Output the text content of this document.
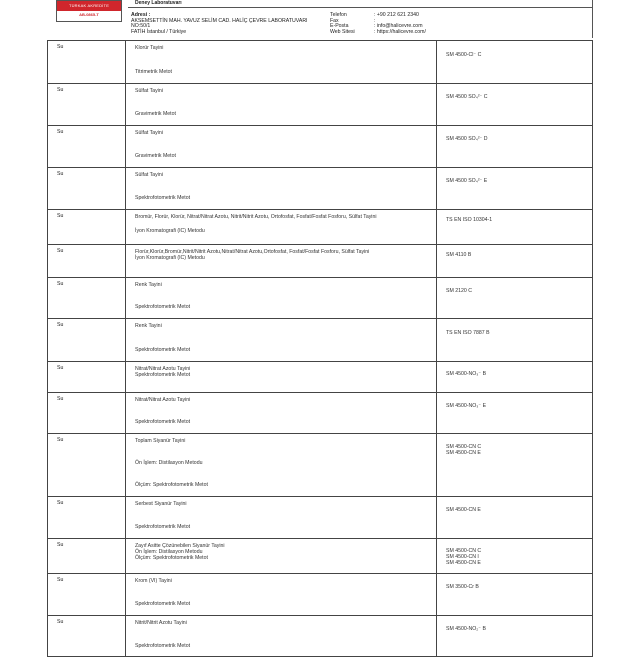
TÜRKAK AKREDİTE
AB-0865-T
Deney Laboratuvarı
Adresi :
AKSEMSETTİN MAH. YAVUZ SELİM CAD. HALİÇ ÇEVRE LABORATUVARI NO:50/1
FATİH İstanbul / Türkiye
Telefon	: +90 212 621 2340
Fax	:
E-Posta	: info@halicevre.com
Web Sitesi	: https://halicevre.com/
Su	Klorür Tayini
Titrimetrik Metot
SM 4500-Cl⁻ C
Su	Sülfat Tayini
Gravimetrik Metot
SM 4500 SO₄²⁻ C
Su	Sülfat Tayini
Gravimetrik Metot
SM 4500 SO₄²⁻ D
Su	Sülfat Tayini
Spektrofotometrik Metot
SM 4500 SO₄²⁻ E
Su	Bromür, Florür, Klorür, Nitrat/Nitrat Azotu, Nitrit/Nitrit Azotu, Ortofosfat, Fosfat/Fosfat Fosforu, Sülfat Tayini
İyon Kromatografi (IC) Metodu
TS EN ISO 10304-1
Su	Florür,Klorür,Bromür,Nitrit/Nitrit Azotu,Nitrat/Nitrat Azotu,Ortofosfat, Fosfat/Fosfat Fosforu, Sülfat Tayini
İyon Kromatografi (IC) Metodu	SM 4110 B
Su	Renk Tayini
Spektrofotometrik Metot
SM 2120 C
Su	Renk Tayini
Spektrofotometrik Metot
TS EN ISO 7887 B
Su	Nitrat/Nitrat Azotu Tayini
Spektrofotometrik Metot	SM 4500-NO₃⁻ B
Su	Nitrat/Nitrat Azotu Tayini
Spektrofotometrik Metot
SM 4500-NO₃⁻ E
Su	Toplam Siyanür Tayini
Ön İşlem: Distilasyon Metodu
Ölçüm: Spektrofotometrik Metot
SM 4500-CN C
SM 4500-CN E
Su	Serbest Siyanür Tayini
Spektrofotometrik Metot
SM 4500-CN E
Su	Zayıf Asitte Çözünebilen Siyanür Tayini
Ön İşlem: Distilasyon Metodu
Ölçüm: Spektrofotometrik Metot
SM 4500-CN C
SM 4500-CN I
SM 4500-CN E
Su	Krom (VI) Tayini
Spektrofotometrik Metot
SM 3500-Cr B
Su	Nitrit/Nitrit Azotu Tayini
Spektrofotometrik Metot
SM 4500-NO₂⁻ B
